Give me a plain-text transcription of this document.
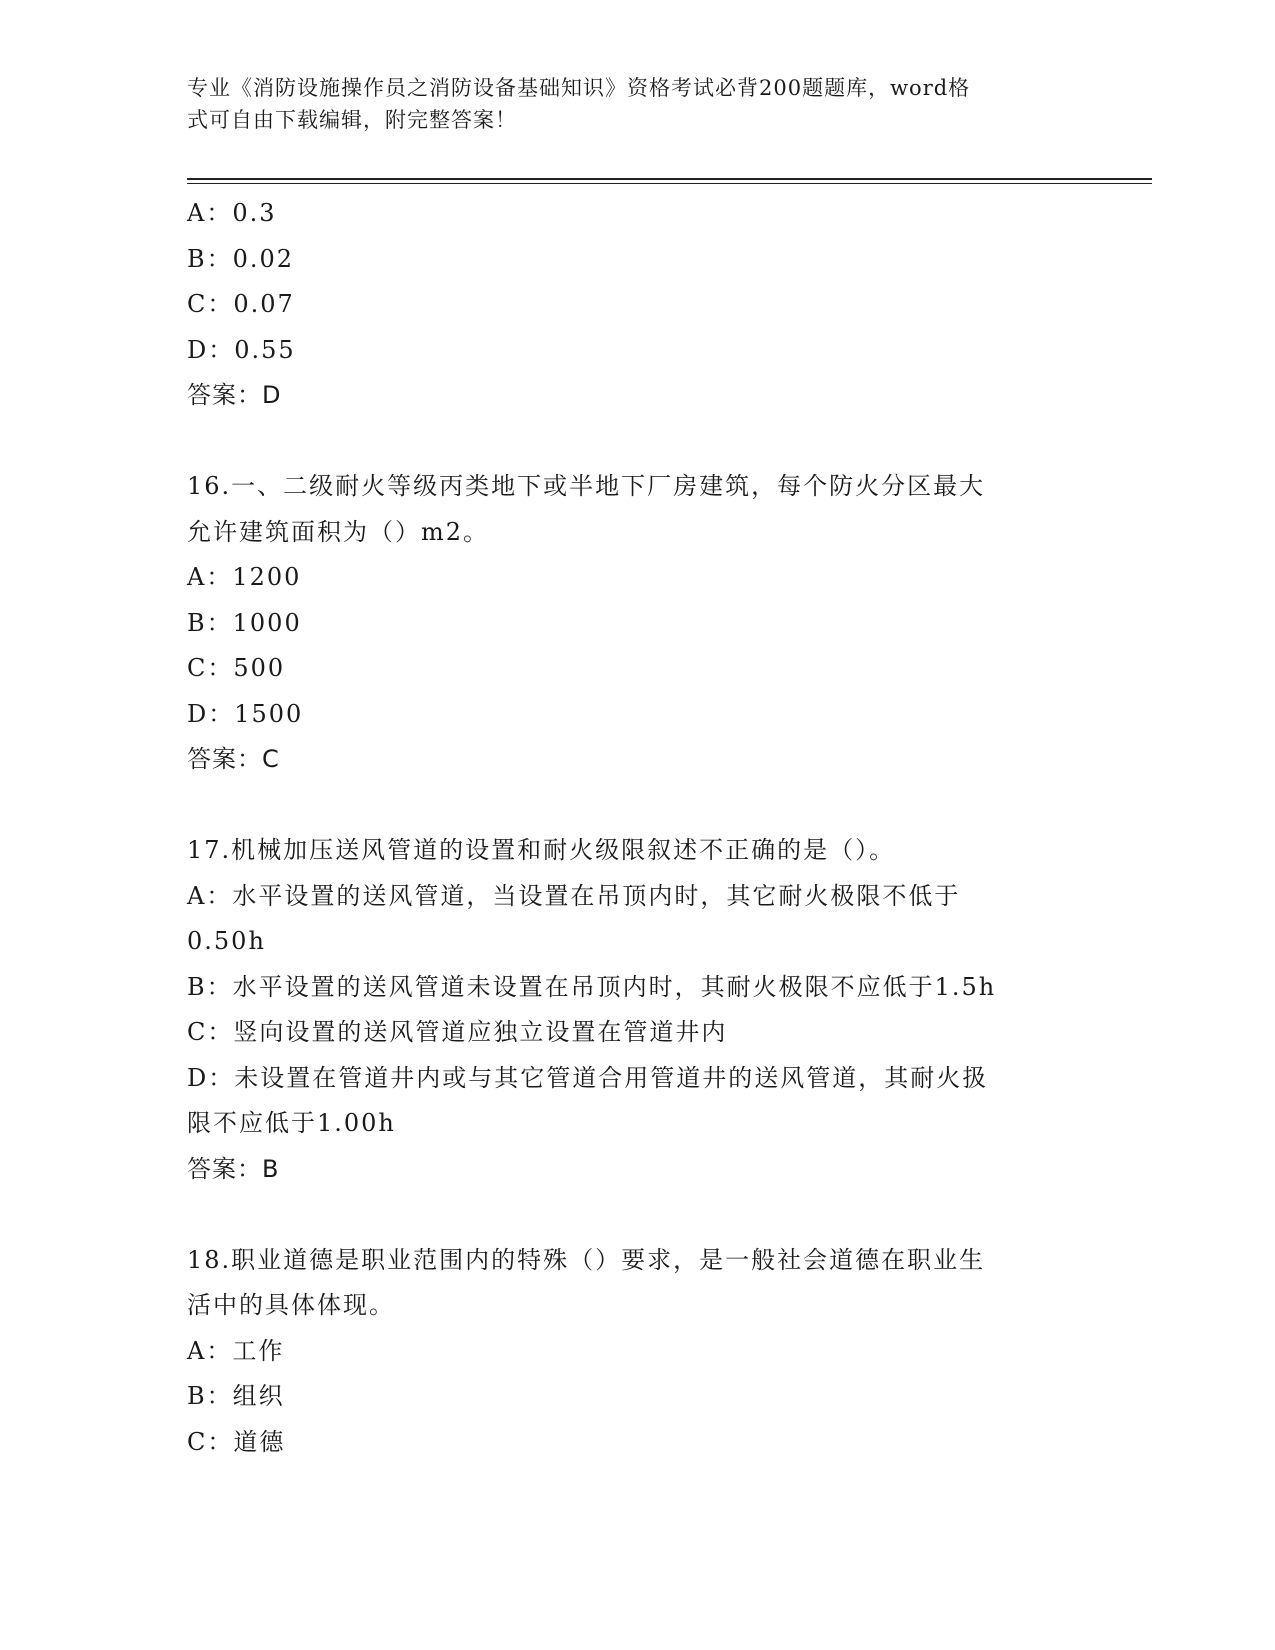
专业《消防设施操作员之消防设备基础知识》资格考试必背200题题库，word格
式可自由下载编辑，附完整答案！
A：0.3
B：0.02
C：0.07
D：0.55
答案：D
16.一、二级耐火等级丙类地下或半地下厂房建筑，每个防火分区最大
允许建筑面积为（）m2。
A：1200
B：1000
C：500
D：1500
答案：C
17.机械加压送风管道的设置和耐火级限叙述不正确的是（）。
A：水平设置的送风管道，当设置在吊顶内时，其它耐火极限不低于
0.50h
B：水平设置的送风管道未设置在吊顶内时，其耐火极限不应低于1.5h
C：竖向设置的送风管道应独立设置在管道井内
D：未设置在管道井内或与其它管道合用管道井的送风管道，其耐火扱
限不应低于1.00h
答案：B
18.职业道德是职业范围内的特殊（）要求，是一般社会道德在职业生
活中的具体体现。
A：工作
B：组织
C：道德
